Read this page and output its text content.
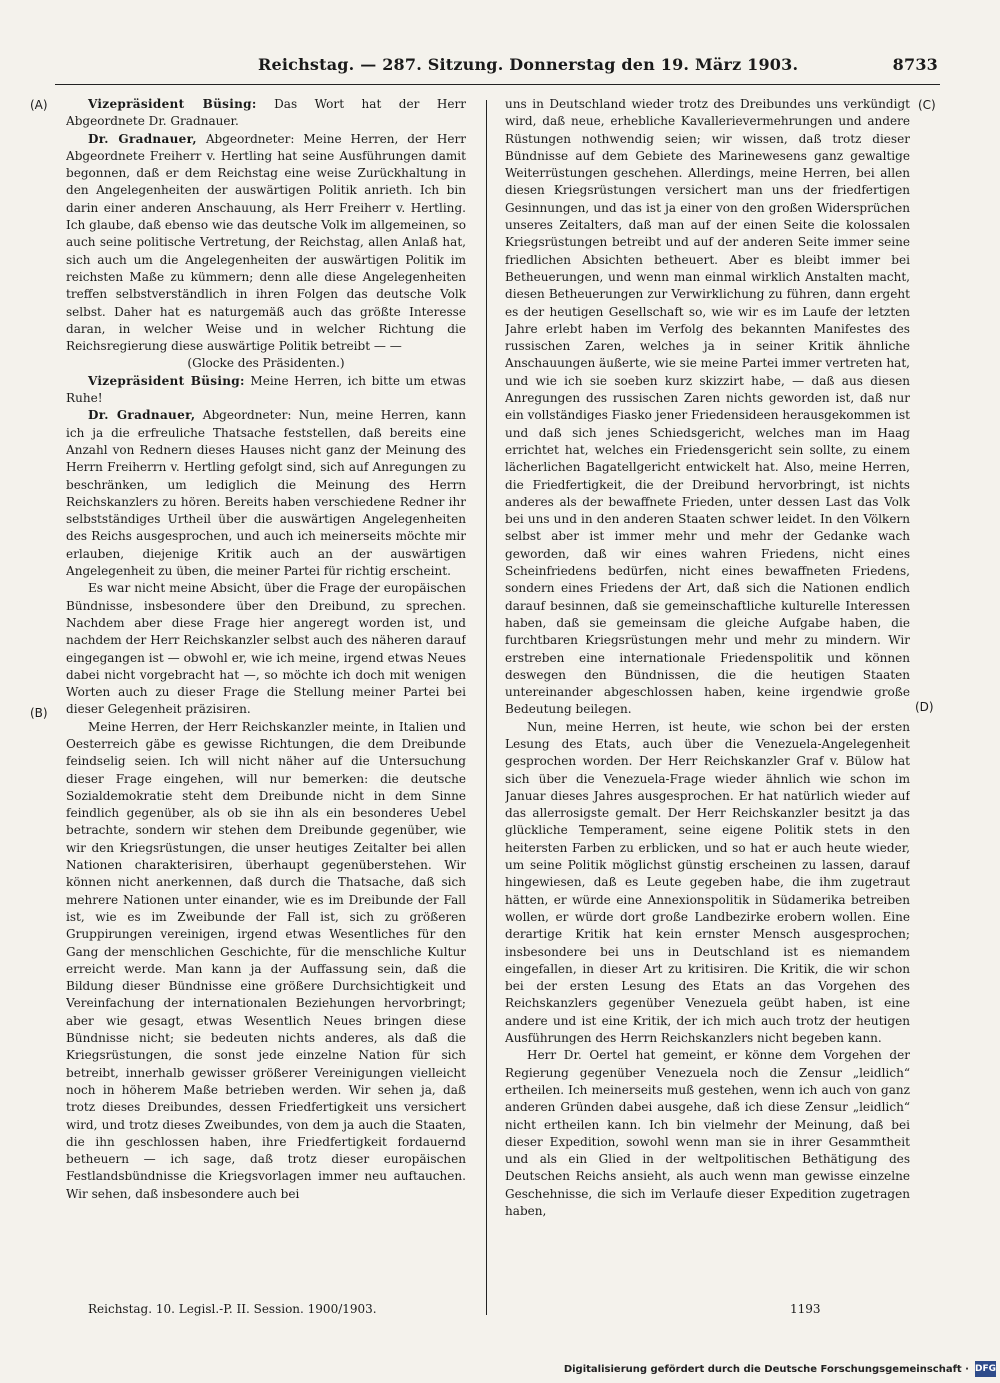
Reichstag. — 287. Sitzung. Donnerstag den 19. März 1903.	8733
(A)
(B)
(C)
(D)

Vizepräsident Büsing: Das Wort hat der Herr Abgeordnete Dr. Gradnauer.

Dr. Gradnauer, Abgeordneter: Meine Herren, der Herr Abgeordnete Freiherr v. Hertling hat seine Ausführungen damit begonnen, daß er dem Reichstag eine weise Zurückhaltung in den Angelegenheiten der auswärtigen Politik anrieth. Ich bin darin einer anderen Anschauung, als Herr Freiherr v. Hertling. Ich glaube, daß ebenso wie das deutsche Volk im allgemeinen, so auch seine politische Vertretung, der Reichstag, allen Anlaß hat, sich auch um die Angelegenheiten der auswärtigen Politik im reichsten Maße zu kümmern; denn alle diese Angelegenheiten treffen selbstverständlich in ihren Folgen das deutsche Volk selbst. Daher hat es naturgemäß auch das größte Interesse daran, in welcher Weise und in welcher Richtung die Reichsregierung diese auswärtige Politik betreibt — —

(Glocke des Präsidenten.)

Vizepräsident Büsing: Meine Herren, ich bitte um etwas Ruhe!

Dr. Gradnauer, Abgeordneter: Nun, meine Herren, kann ich ja die erfreuliche Thatsache feststellen, daß bereits eine Anzahl von Rednern dieses Hauses nicht ganz der Meinung des Herrn Freiherrn v. Hertling gefolgt sind, sich auf Anregungen zu beschränken, um lediglich die Meinung des Herrn Reichskanzlers zu hören. Bereits haben verschiedene Redner ihr selbstständiges Urtheil über die auswärtigen Angelegenheiten des Reichs ausgesprochen, und auch ich meinerseits möchte mir erlauben, diejenige Kritik auch an der auswärtigen Angelegenheit zu üben, die meiner Partei für richtig erscheint.

Es war nicht meine Absicht, über die Frage der europäischen Bündnisse, insbesondere über den Dreibund, zu sprechen. Nachdem aber diese Frage hier angeregt worden ist, und nachdem der Herr Reichskanzler selbst auch des näheren darauf eingegangen ist — obwohl er, wie ich meine, irgend etwas Neues dabei nicht vorgebracht hat —, so möchte ich doch mit wenigen Worten auch zu dieser Frage die Stellung meiner Partei bei dieser Gelegenheit präzisiren.

Meine Herren, der Herr Reichskanzler meinte, in Italien und Oesterreich gäbe es gewisse Richtungen, die dem Dreibunde feindselig seien. Ich will nicht näher auf die Untersuchung dieser Frage eingehen, will nur bemerken: die deutsche Sozialdemokratie steht dem Dreibunde nicht in dem Sinne feindlich gegenüber, als ob sie ihn als ein besonderes Uebel betrachte, sondern wir stehen dem Dreibunde gegenüber, wie wir den Kriegsrüstungen, die unser heutiges Zeitalter bei allen Nationen charakterisiren, überhaupt gegenüberstehen. Wir können nicht anerkennen, daß durch die Thatsache, daß sich mehrere Nationen unter einander, wie es im Dreibunde der Fall ist, wie es im Zweibunde der Fall ist, sich zu größeren Gruppirungen vereinigen, irgend etwas Wesentliches für den Gang der menschlichen Geschichte, für die menschliche Kultur erreicht werde. Man kann ja der Auffassung sein, daß die Bildung dieser Bündnisse eine größere Durchsichtigkeit und Vereinfachung der internationalen Beziehungen hervorbringt; aber wie gesagt, etwas Wesentlich Neues bringen diese Bündnisse nicht; sie bedeuten nichts anderes, als daß die Kriegsrüstungen, die sonst jede einzelne Nation für sich betreibt, innerhalb gewisser größerer Vereinigungen vielleicht noch in höherem Maße betrieben werden. Wir sehen ja, daß trotz dieses Dreibundes, dessen Friedfertigkeit uns versichert wird, und trotz dieses Zweibundes, von dem ja auch die Staaten, die ihn geschlossen haben, ihre Friedfertigkeit fordauernd betheuern — ich sage, daß trotz dieser europäischen Festlandsbündnisse die Kriegsvorlagen immer neu auftauchen. Wir sehen, daß insbesondere auch bei

uns in Deutschland wieder trotz des Dreibundes uns verkündigt wird, daß neue, erhebliche Kavallerievermehrungen und andere Rüstungen nothwendig seien; wir wissen, daß trotz dieser Bündnisse auf dem Gebiete des Marinewesens ganz gewaltige Weiterrüstungen geschehen. Allerdings, meine Herren, bei allen diesen Kriegsrüstungen versichert man uns der friedfertigen Gesinnungen, und das ist ja einer von den großen Widersprüchen unseres Zeitalters, daß man auf der einen Seite die kolossalen Kriegsrüstungen betreibt und auf der anderen Seite immer seine friedlichen Absichten betheuert. Aber es bleibt immer bei Betheuerungen, und wenn man einmal wirklich Anstalten macht, diesen Betheuerungen zur Verwirklichung zu führen, dann ergeht es der heutigen Gesellschaft so, wie wir es im Laufe der letzten Jahre erlebt haben im Verfolg des bekannten Manifestes des russischen Zaren, welches ja in seiner Kritik ähnliche Anschauungen äußerte, wie sie meine Partei immer vertreten hat, und wie ich sie soeben kurz skizzirt habe, — daß aus diesen Anregungen des russischen Zaren nichts geworden ist, daß nur ein vollständiges Fiasko jener Friedensideen herausgekommen ist und daß sich jenes Schiedsgericht, welches man im Haag errichtet hat, welches ein Friedensgericht sein sollte, zu einem lächerlichen Bagatellgericht entwickelt hat. Also, meine Herren, die Friedfertigkeit, die der Dreibund hervorbringt, ist nichts anderes als der bewaffnete Frieden, unter dessen Last das Volk bei uns und in den anderen Staaten schwer leidet. In den Völkern selbst aber ist immer mehr und mehr der Gedanke wach geworden, daß wir eines wahren Friedens, nicht eines Scheinfriedens bedürfen, nicht eines bewaffneten Friedens, sondern eines Friedens der Art, daß sich die Nationen endlich darauf besinnen, daß sie gemeinschaftliche kulturelle Interessen haben, daß sie gemeinsam die gleiche Aufgabe haben, die furchtbaren Kriegsrüstungen mehr und mehr zu mindern. Wir erstreben eine internationale Friedenspolitik und können deswegen den Bündnissen, die die heutigen Staaten untereinander abgeschlossen haben, keine irgendwie große Bedeutung beilegen.

Nun, meine Herren, ist heute, wie schon bei der ersten Lesung des Etats, auch über die Venezuela-Angelegenheit gesprochen worden. Der Herr Reichskanzler Graf v. Bülow hat sich über die Venezuela-Frage wieder ähnlich wie schon im Januar dieses Jahres ausgesprochen. Er hat natürlich wieder auf das allerrosigste gemalt. Der Herr Reichskanzler besitzt ja das glückliche Temperament, seine eigene Politik stets in den heitersten Farben zu erblicken, und so hat er auch heute wieder, um seine Politik möglichst günstig erscheinen zu lassen, darauf hingewiesen, daß es Leute gegeben habe, die ihm zugetraut hätten, er würde eine Annexionspolitik in Südamerika betreiben wollen, er würde dort große Landbezirke erobern wollen. Eine derartige Kritik hat kein ernster Mensch ausgesprochen; insbesondere bei uns in Deutschland ist es niemandem eingefallen, in dieser Art zu kritisiren. Die Kritik, die wir schon bei der ersten Lesung des Etats an das Vorgehen des Reichskanzlers gegenüber Venezuela geübt haben, ist eine andere und ist eine Kritik, der ich mich auch trotz der heutigen Ausführungen des Herrn Reichskanzlers nicht begeben kann.

Herr Dr. Oertel hat gemeint, er könne dem Vorgehen der Regierung gegenüber Venezuela noch die Zensur „leidlich“ ertheilen. Ich meinerseits muß gestehen, wenn ich auch von ganz anderen Gründen dabei ausgehe, daß ich diese Zensur „leidlich“ nicht ertheilen kann. Ich bin vielmehr der Meinung, daß bei dieser Expedition, sowohl wenn man sie in ihrer Gesammtheit und als ein Glied in der weltpolitischen Bethätigung des Deutschen Reichs ansieht, als auch wenn man gewisse einzelne Geschehnisse, die sich im Verlaufe dieser Expedition zugetragen haben,

Reichstag. 10. Legisl.-P. II. Session. 1900/1903.	1193
Digitalisierung gefördert durch die Deutsche Forschungsgemeinschaft · DFG
